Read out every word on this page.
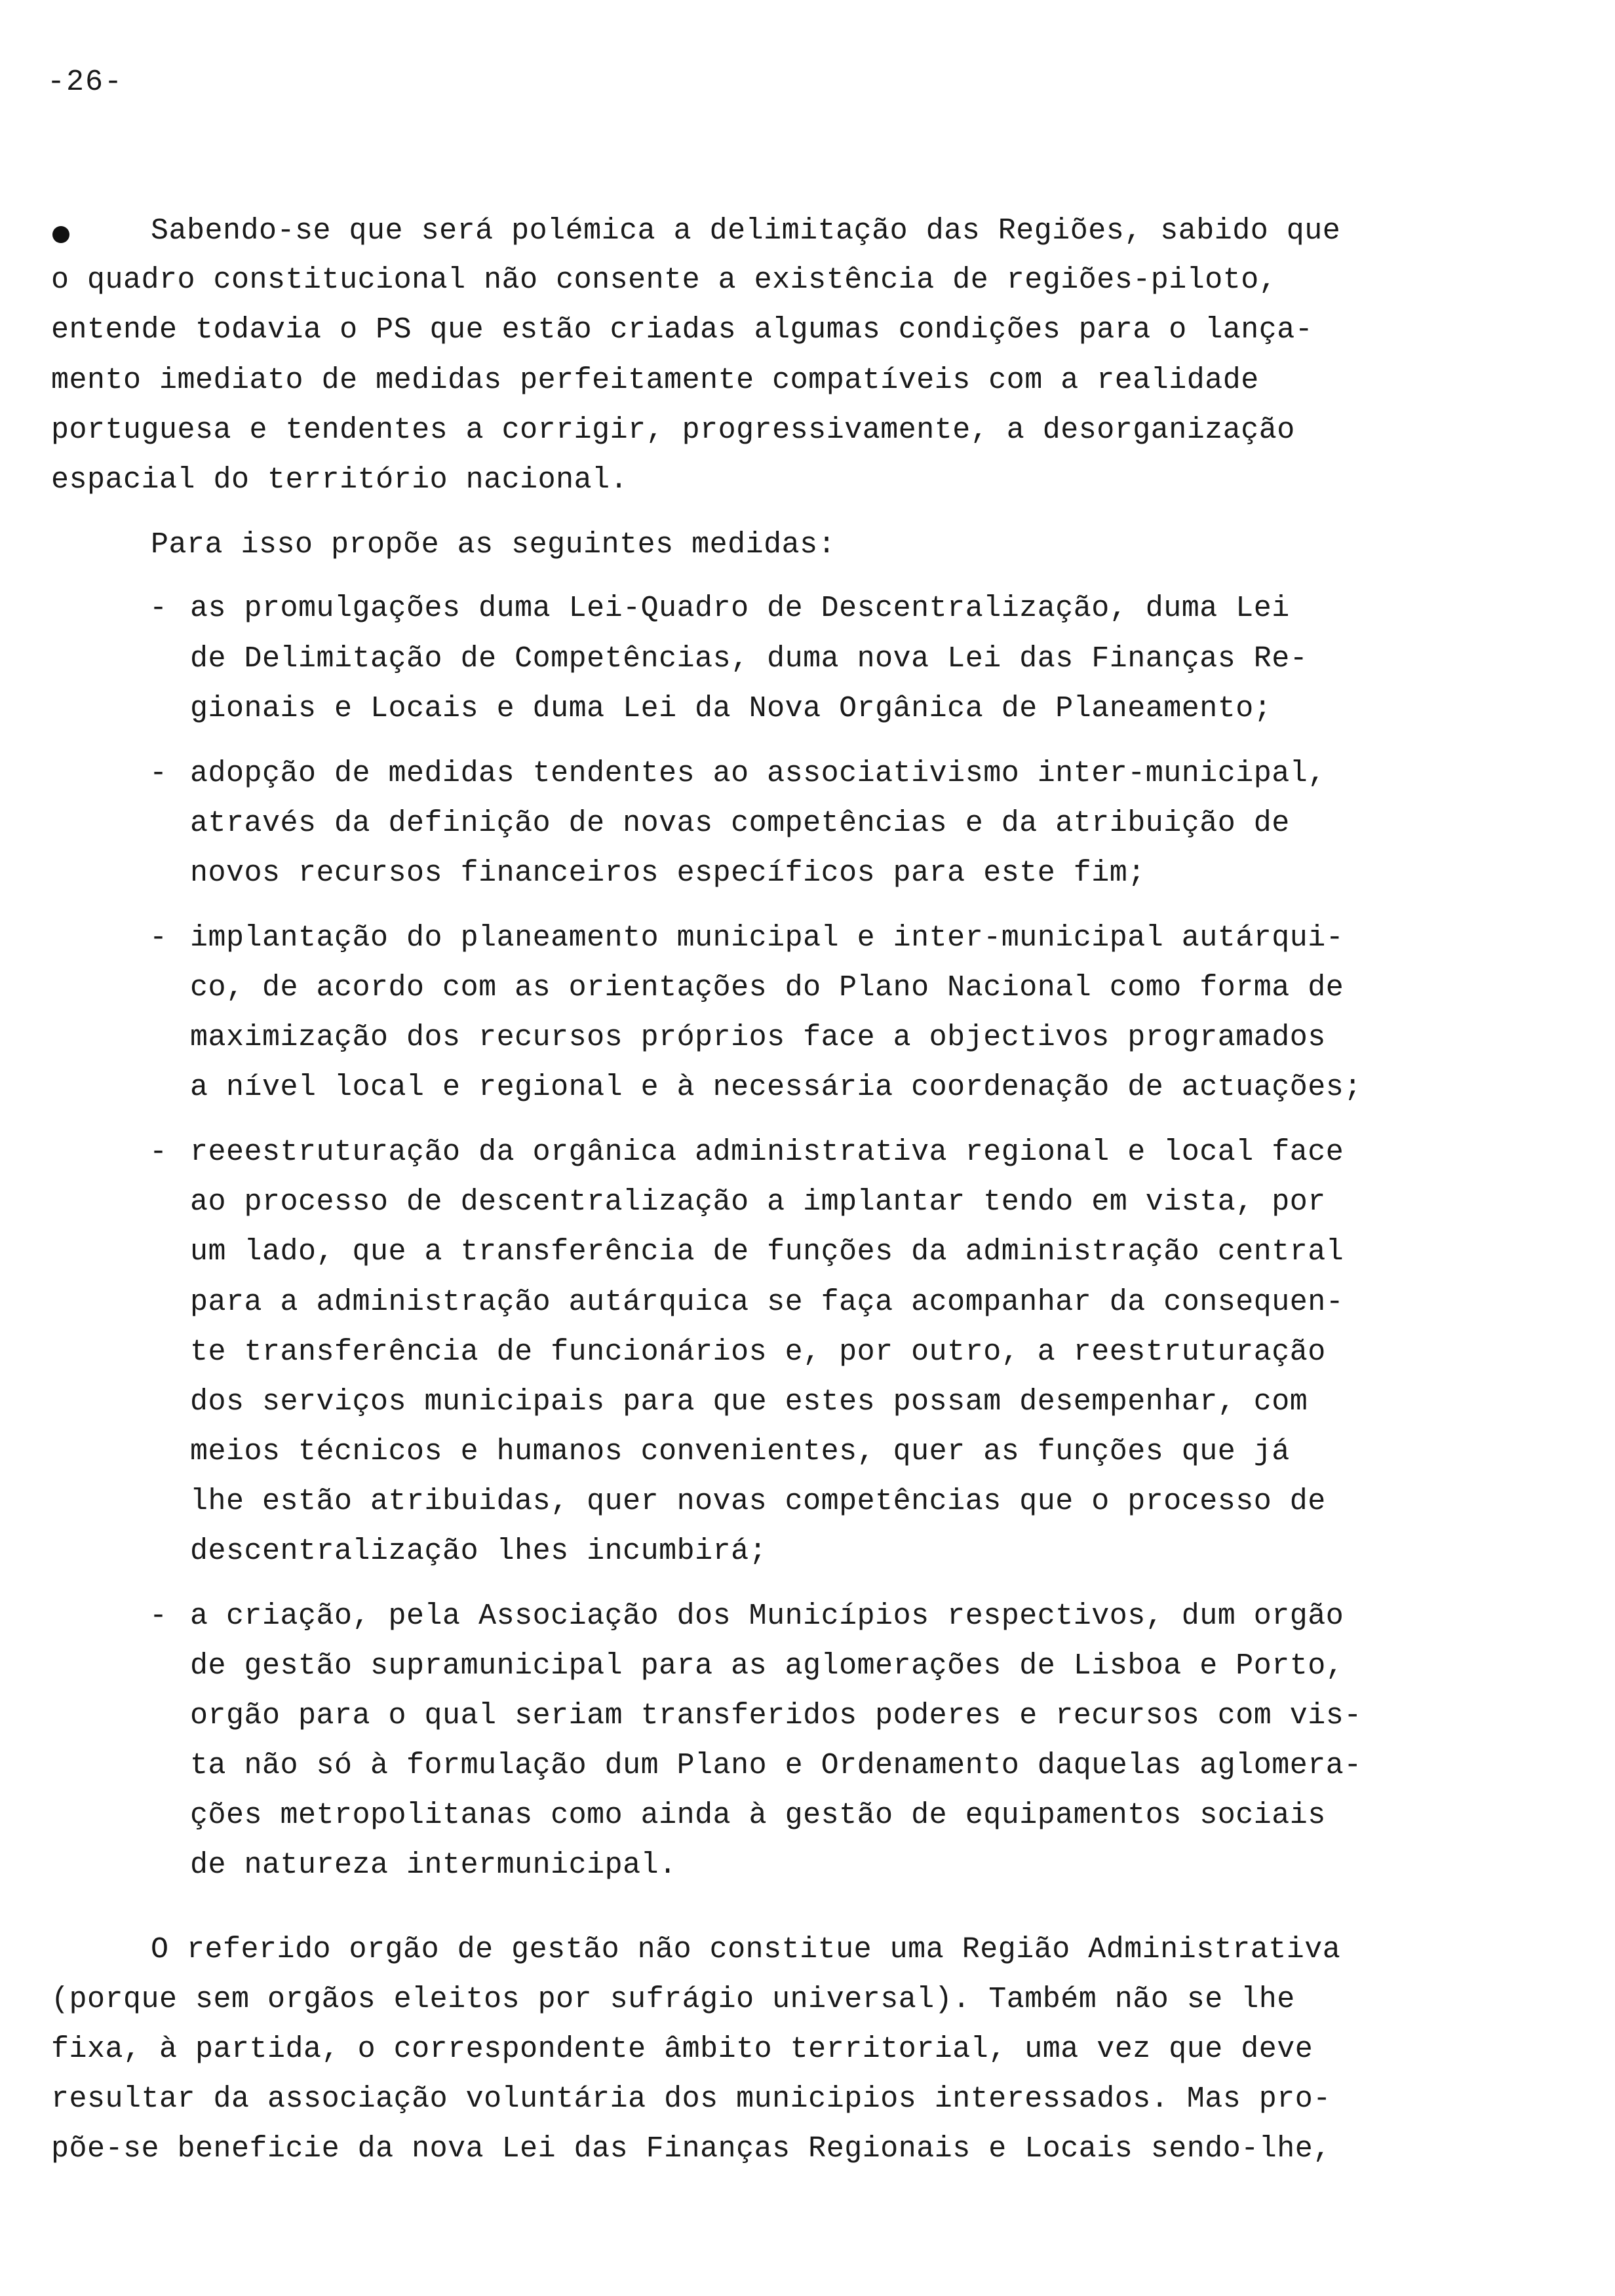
-26-
Sabendo-se que será polémica a delimitação das Regiões, sabido que
o quadro constitucional não consente a existência de regiões-piloto,
entende todavia o PS que estão criadas algumas condições para o lança-
mento imediato de medidas perfeitamente compatíveis com a realidade
portuguesa e tendentes a corrigir, progressivamente, a desorganização
espacial do território nacional.
Para isso propõe as seguintes medidas:
- as promulgações duma Lei-Quadro de Descentralização, duma Lei
de Delimitação de Competências, duma nova Lei das Finanças Re-
gionais e Locais e duma Lei da Nova Orgânica de Planeamento;
- adopção de medidas tendentes ao associativismo inter-municipal,
através da definição de novas competências e da atribuição de
novos recursos financeiros específicos para este fim;
- implantação do planeamento municipal e inter-municipal autárqui-
co, de acordo com as orientações do Plano Nacional como forma de
maximização dos recursos próprios face a objectivos programados
a nível local e regional e à necessária coordenação de actuações;
- reeestruturação da orgânica administrativa regional e local face
ao processo de descentralização a implantar tendo em vista, por
um lado, que a transferência de funções da administração central
para a administração autárquica se faça acompanhar da consequen-
te transferência de funcionários e, por outro, a reestruturação
dos serviços municipais para que estes possam desempenhar, com
meios técnicos e humanos convenientes, quer as funções que já
lhe estão atribuidas, quer novas competências que o processo de
descentralização lhes incumbirá;
- a criação, pela Associação dos Municípios respectivos, dum orgão
de gestão supramunicipal para as aglomerações de Lisboa e Porto,
orgão para o qual seriam transferidos poderes e recursos com vis-
ta não só à formulação dum Plano e Ordenamento daquelas aglomera-
ções metropolitanas como ainda à gestão de equipamentos sociais
de natureza intermunicipal.
O referido orgão de gestão não constitue uma Região Administrativa
(porque sem orgãos eleitos por sufrágio universal). Também não se lhe
fixa, à partida, o correspondente âmbito territorial, uma vez que deve
resultar da associação voluntária dos municipios interessados. Mas pro-
põe-se beneficie da nova Lei das Finanças Regionais e Locais sendo-lhe,
